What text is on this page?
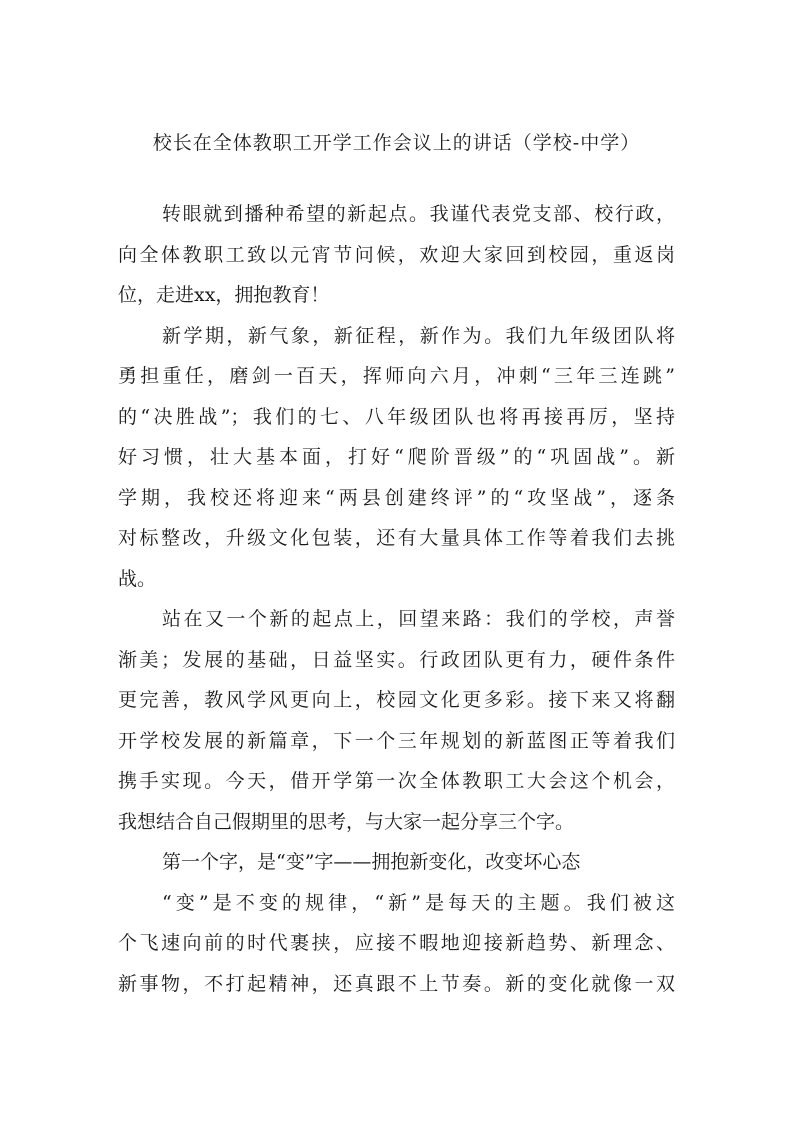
校长在全体教职工开学工作会议上的讲话（学校-中学）
转眼就到播种希望的新起点。我谨代表党支部、校行政，
向全体教职工致以元宵节问候，欢迎大家回到校园，重返岗
位，走进xx，拥抱教育！
新学期，新气象，新征程，新作为。我们九年级团队将
勇担重任，磨剑一百天，挥师向六月，冲刺“三年三连跳”
的“决胜战”；我们的七、八年级团队也将再接再厉，坚持
好习惯，壮大基本面，打好“爬阶晋级”的“巩固战”。新
学期，我校还将迎来“两县创建终评”的“攻坚战”，逐条
对标整改，升级文化包装，还有大量具体工作等着我们去挑
战。
站在又一个新的起点上，回望来路：我们的学校，声誉
渐美；发展的基础，日益坚实。行政团队更有力，硬件条件
更完善，教风学风更向上，校园文化更多彩。接下来又将翻
开学校发展的新篇章，下一个三年规划的新蓝图正等着我们
携手实现。今天，借开学第一次全体教职工大会这个机会，
我想结合自己假期里的思考，与大家一起分享三个字。
第一个字，是“变”字——拥抱新变化，改变坏心态
“变”是不变的规律，“新”是每天的主题。我们被这
个飞速向前的时代裹挟，应接不暇地迎接新趋势、新理念、
新事物，不打起精神，还真跟不上节奏。新的变化就像一双
